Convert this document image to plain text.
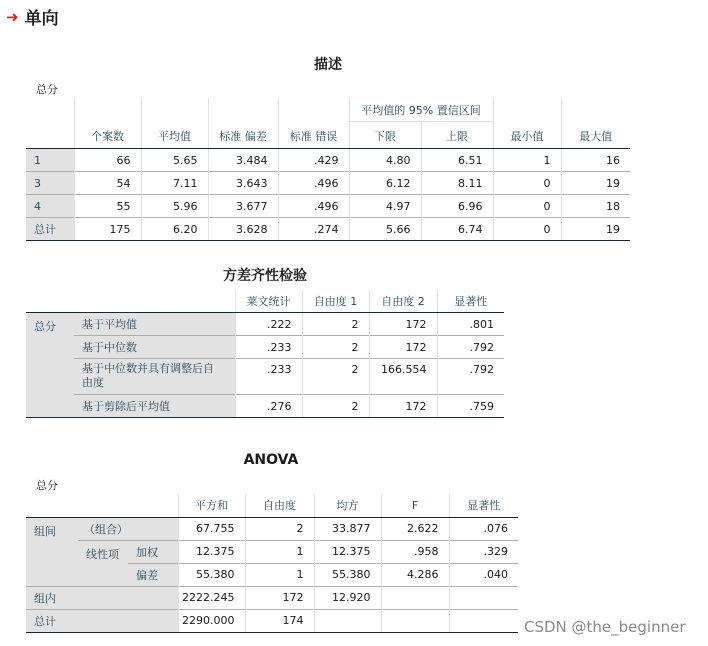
➜ 单向
描述
总分
					平均值的 95% 置信区间			
	个案数	平均值	标准 偏差	标准 错误	下限	上限	最小值	最大值
1	66	5.65	3.484	.429	4.80	6.51	1	16
3	54	7.11	3.643	.496	6.12	8.11	0	19
4	55	5.96	3.677	.496	4.97	6.96	0	18
总计	175	6.20	3.628	.274	5.66	6.74	0	19
方差齐性检验
		莱文统计	自由度 1	自由度 2	显著性
总分	基于平均值	.222	2	172	.801
	基于中位数	.233	2	172	.792
	基于中位数并具有调整后自由度	.233	2	166.554	.792
	基于剪除后平均值	.276	2	172	.759
ANOVA
总分
			平方和	自由度	均方	F	显著性
组间	（组合）		67.755	2	33.877	2.622	.076
	线性项	加权	12.375	1	12.375	.958	.329
		偏差	55.380	1	55.380	4.286	.040
组内			2222.245	172	12.920		
总计			2290.000	174				CSDN @the_beginner
